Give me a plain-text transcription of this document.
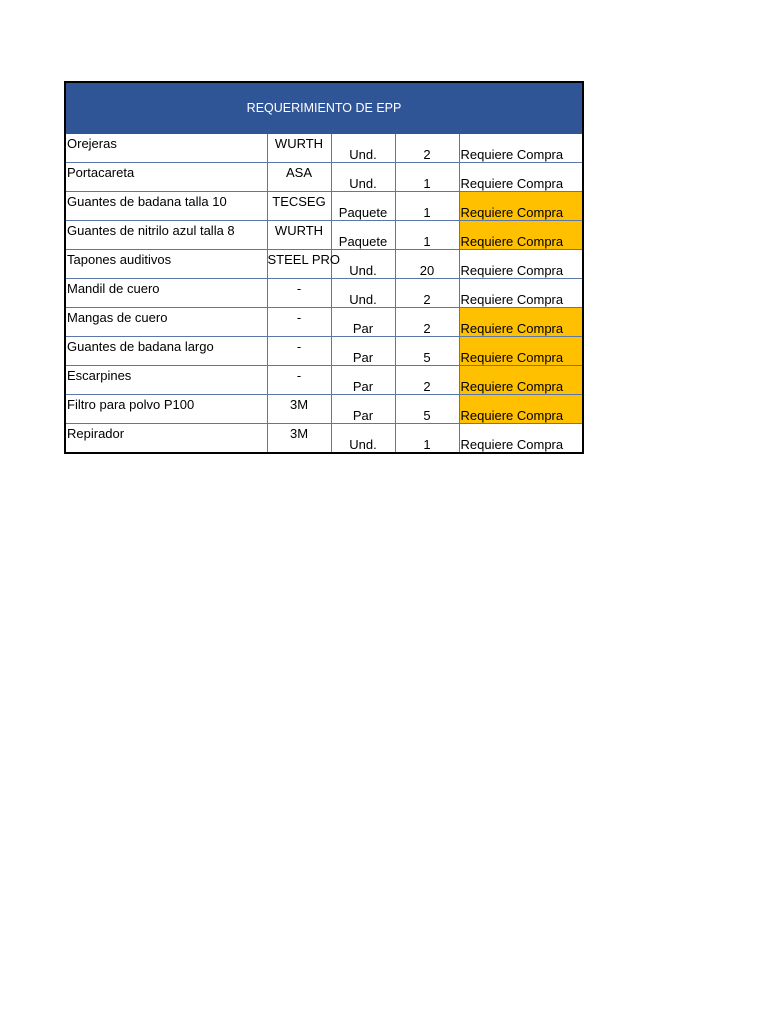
REQUERIMIENTO DE EPP				
Orejeras	WURTH	Und.	2	Requiere Compra
Portacareta	ASA	Und.	1	Requiere Compra
Guantes de badana talla 10	TECSEG	Paquete	1	Requiere Compra
Guantes de nitrilo azul talla 8	WURTH	Paquete	1	Requiere Compra
Tapones auditivos	STEEL PRO	Und.	20	Requiere Compra
Mandil de cuero	-	Und.	2	Requiere Compra
Mangas de cuero	-	Par	2	Requiere Compra
Guantes de badana largo	-	Par	5	Requiere Compra
Escarpines	-	Par	2	Requiere Compra
Filtro para polvo P100	3M	Par	5	Requiere Compra
Repirador	3M	Und.	1	Requiere Compra
